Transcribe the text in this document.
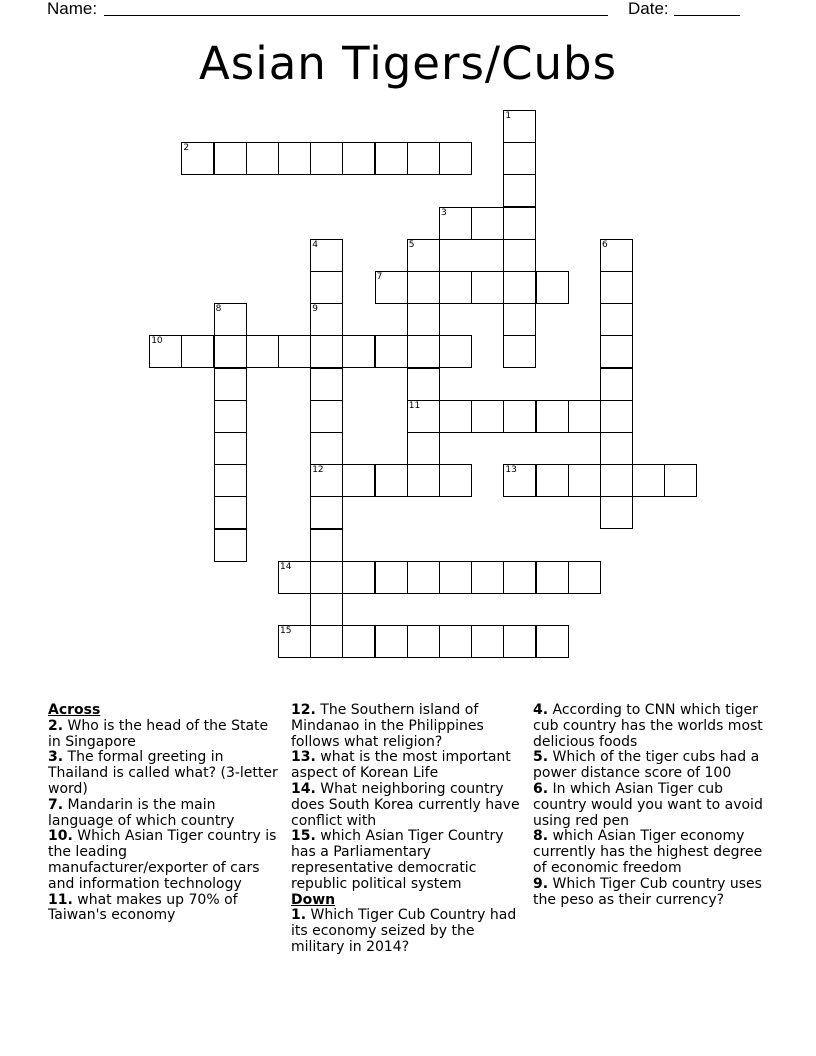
Name:	Date:
Asian Tigers/Cubs
1
2
3
4
9
12
5
11
6
7
8
10
13
14
15
Across
2. Who is the head of the State in Singapore
3. The formal greeting in Thailand is called what? (3-letter word)
7. Mandarin is the main language of which country
10. Which Asian Tiger country is the leading manufacturer/exporter of cars and information technology
11. what makes up 70% of Taiwan's economy
12. The Southern island of Mindanao in the Philippines follows what religion?
13. what is the most important aspect of Korean Life
14. What neighboring country does South Korea currently have conflict with
15. which Asian Tiger Country has a Parliamentary representative democratic republic political system
Down
1. Which Tiger Cub Country had its economy seized by the military in 2014?
4. According to CNN which tiger cub country has the worlds most delicious foods
5. Which of the tiger cubs had a power distance score of 100
6. In which Asian Tiger cub country would you want to avoid using red pen
8. which Asian Tiger economy currently has the highest degree of economic freedom
9. Which Tiger Cub country uses the peso as their currency?
